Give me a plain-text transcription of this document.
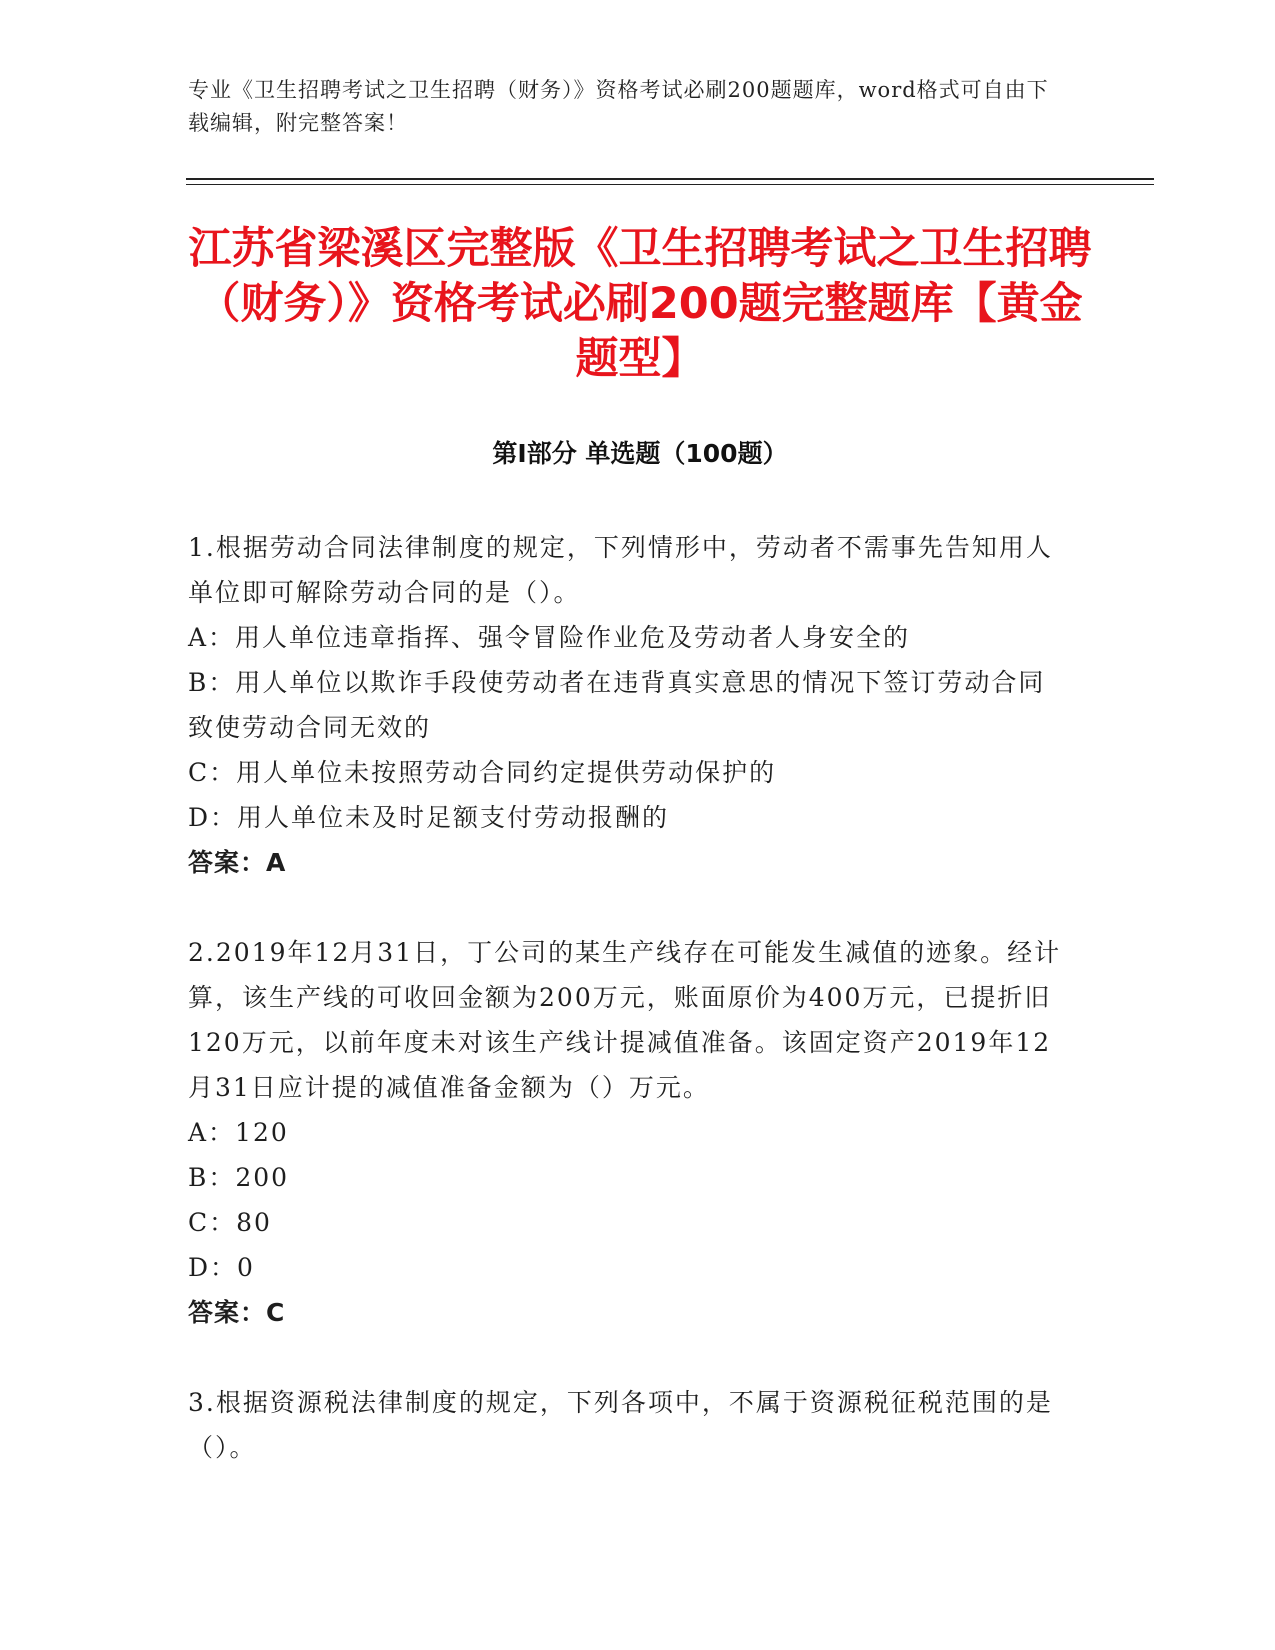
专业《卫生招聘考试之卫生招聘（财务）》资格考试必刷200题题库，word格式可自由下载编辑，附完整答案！
江苏省梁溪区完整版《卫生招聘考试之卫生招聘（财务）》资格考试必刷200题完整题库【黄金题型】
第I部分 单选题（100题）

1.根据劳动合同法律制度的规定，下列情形中，劳动者不需事先告知用人单位即可解除劳动合同的是（）。

A：用人单位违章指挥、强令冒险作业危及劳动者人身安全的

B：用人单位以欺诈手段使劳动者在违背真实意思的情况下签订劳动合同致使劳动合同无效的

C：用人单位未按照劳动合同约定提供劳动保护的

D：用人单位未及时足额支付劳动报酬的

答案：A

2.2019年12月31日，丁公司的某生产线存在可能发生减值的迹象。经计算，该生产线的可收回金额为200万元，账面原价为400万元，已提折旧120万元，以前年度未对该生产线计提减值准备。该固定资产2019年12月31日应计提的减值准备金额为（）万元。

A：120

B：200

C：80

D：0

答案：C

3.根据资源税法律制度的规定，下列各项中，不属于资源税征税范围的是（）。
